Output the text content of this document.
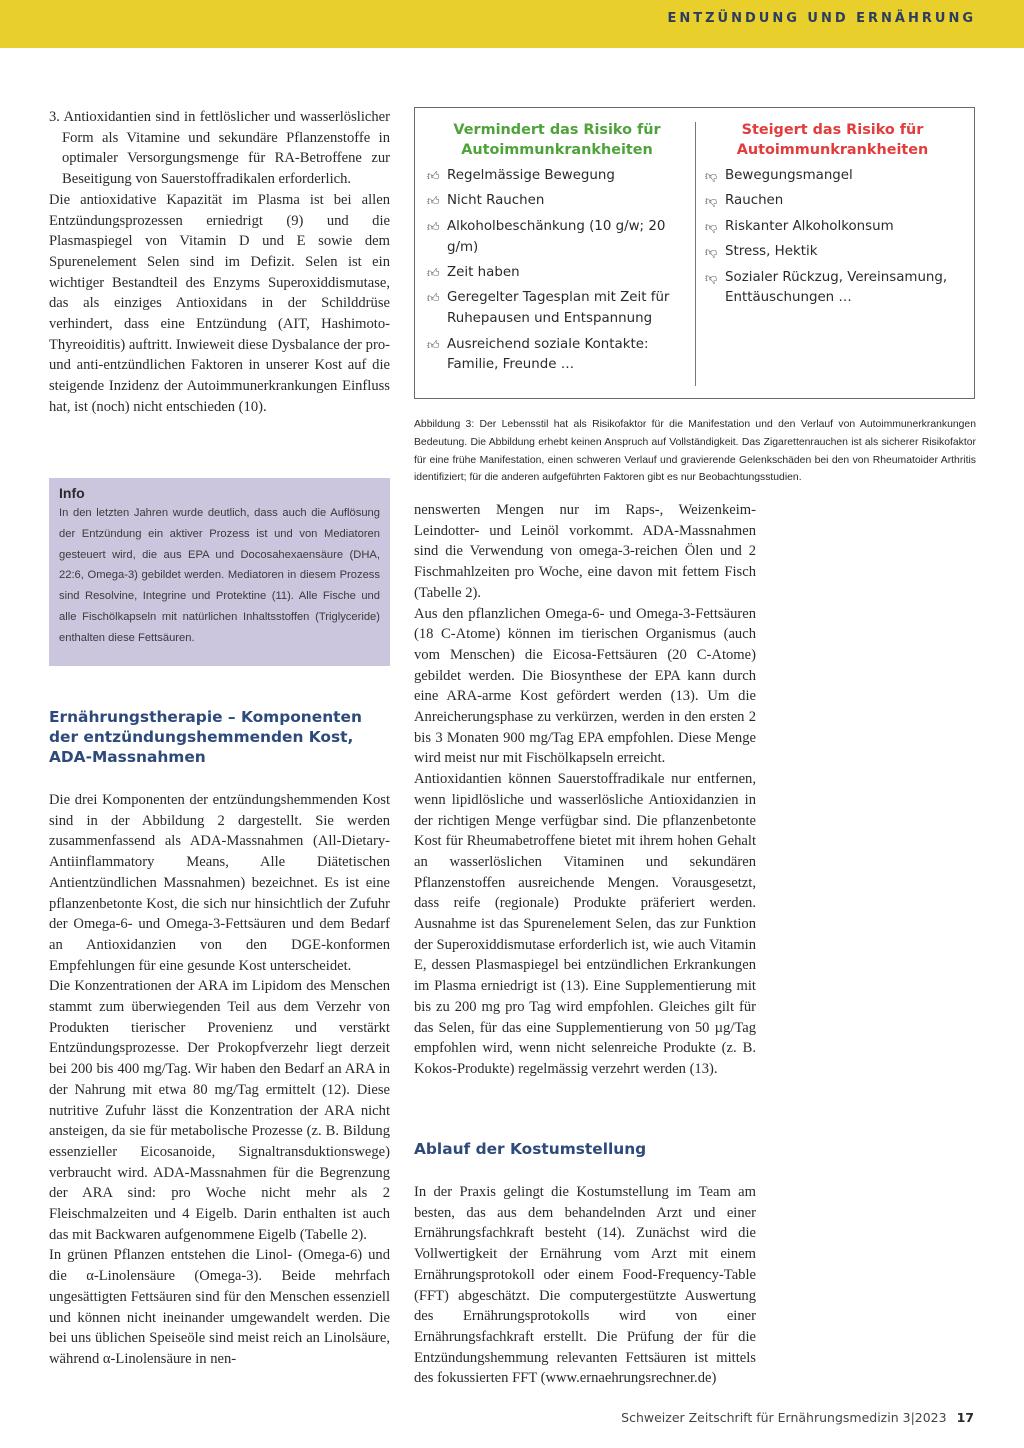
ENTZÜNDUNG UND ERNÄHRUNG

3. Antioxidantien sind in fettlöslicher und wasserlöslicher Form als Vitamine und sekundäre Pflanzenstoffe in optimaler Versorgungsmenge für RA-Betroffene zur Beseitigung von Sauerstoffradikalen erforderlich.

Die antioxidative Kapazität im Plasma ist bei allen Entzündungsprozessen erniedrigt (9) und die Plasmaspiegel von Vitamin D und E sowie dem Spurenelement Selen sind im Defizit. Selen ist ein wichtiger Bestandteil des Enzyms Superoxiddismutase, das als einziges Antioxidans in der Schilddrüse verhindert, dass eine Entzündung (AIT, Hashimoto-Thyreoiditis) auftritt. Inwieweit diese Dysbalance der pro- und anti-entzündlichen Faktoren in unserer Kost auf die steigende Inzidenz der Autoimmunerkrankungen Einfluss hat, ist (noch) nicht entschieden (10).

Info

In den letzten Jahren wurde deutlich, dass auch die Auflösung der Entzündung ein aktiver Prozess ist und von Mediatoren gesteuert wird, die aus EPA und Docosahexaensäure (DHA, 22:6, Omega-3) gebildet werden. Mediatoren in diesem Prozess sind Resolvine, Integrine und Protektine (11). Alle Fische und alle Fischölkapseln mit natürlichen Inhaltsstoffen (Triglyceride) enthalten diese Fettsäuren.

Ernährungstherapie – Komponenten der entzündungshemmenden Kost, ADA-Massnahmen

Die drei Komponenten der entzündungshemmenden Kost sind in der Abbildung 2 dargestellt. Sie werden zusammenfassend als ADA-Massnahmen (All-Dietary-Antiinflammatory Means, Alle Diätetischen Antientzündlichen Massnahmen) bezeichnet. Es ist eine pflanzenbetonte Kost, die sich nur hinsichtlich der Zufuhr der Omega-6- und Omega-3-Fettsäuren und dem Bedarf an Antioxidanzien von den DGE-konformen Empfehlungen für eine gesunde Kost unterscheidet.

Die Konzentrationen der ARA im Lipidom des Menschen stammt zum überwiegenden Teil aus dem Verzehr von Produkten tierischer Provenienz und verstärkt Entzündungsprozesse. Der Prokopfverzehr liegt derzeit bei 200 bis 400 mg/Tag. Wir haben den Bedarf an ARA in der Nahrung mit etwa 80 mg/Tag ermittelt (12). Diese nutritive Zufuhr lässt die Konzentration der ARA nicht ansteigen, da sie für metabolische Prozesse (z. B. Bildung essenzieller Eicosanoide, Signaltransduktionswege) verbraucht wird. ADA-Massnahmen für die Begrenzung der ARA sind: pro Woche nicht mehr als 2 Fleischmalzeiten und 4 Eigelb. Darin enthalten ist auch das mit Backwaren aufgenommene Eigelb (Tabelle 2).

In grünen Pflanzen entstehen die Linol- (Omega-6) und die α-Linolensäure (Omega-3). Beide mehrfach ungesättigten Fettsäuren sind für den Menschen essenziell und können nicht ineinander umgewandelt werden. Die bei uns üblichen Speiseöle sind meist reich an Linolsäure, während α-Linolensäure in nen-

Vermindert das Risiko für Autoimmunkrankheiten
👍︎ Regelmässige Bewegung
👍︎ Nicht Rauchen
👍︎ Alkoholbeschänkung (10 g/w; 20 g/m)
👍︎ Zeit haben
👍︎ Geregelter Tagesplan mit Zeit für Ruhepausen und Entspannung
👍︎ Ausreichend soziale Kontakte: Familie, Freunde …
Steigert das Risiko für Autoimmunkrankheiten
👎︎ Bewegungsmangel
👎︎ Rauchen
👎︎ Riskanter Alkoholkonsum
👎︎ Stress, Hektik
👎︎ Sozialer Rückzug, Vereinsamung, Enttäuschungen …

Abbildung 3: Der Lebensstil hat als Risikofaktor für die Manifestation und den Verlauf von Autoimmunerkrankungen Bedeutung. Die Abbildung erhebt keinen Anspruch auf Vollständigkeit. Das Zigarettenrauchen ist als sicherer Risikofaktor für eine frühe Manifestation, einen schweren Verlauf und gravierende Gelenkschäden bei den von Rheumatoider Arthritis identifiziert; für die anderen aufgeführten Faktoren gibt es nur Beobachtungsstudien.

nenswerten Mengen nur im Raps-, Weizenkeim-Leindotter- und Leinöl vorkommt. ADA-Massnahmen sind die Verwendung von omega-3-reichen Ölen und 2 Fischmahlzeiten pro Woche, eine davon mit fettem Fisch (Tabelle 2).

Aus den pflanzlichen Omega-6- und Omega-3-Fettsäuren (18 C-Atome) können im tierischen Organismus (auch vom Menschen) die Eicosa-Fettsäuren (20 C-Atome) gebildet werden. Die Biosynthese der EPA kann durch eine ARA-arme Kost gefördert werden (13). Um die Anreicherungsphase zu verkürzen, werden in den ersten 2 bis 3 Monaten 900 mg/Tag EPA empfohlen. Diese Menge wird meist nur mit Fischölkapseln erreicht.

Antioxidantien können Sauerstoffradikale nur entfernen, wenn lipidlösliche und wasserlösliche Antioxidanzien in der richtigen Menge verfügbar sind. Die pflanzenbetonte Kost für Rheumabetroffene bietet mit ihrem hohen Gehalt an wasserlöslichen Vitaminen und sekundären Pflanzenstoffen ausreichende Mengen. Vorausgesetzt, dass reife (regionale) Produkte präferiert werden. Ausnahme ist das Spurenelement Selen, das zur Funktion der Superoxiddismutase erforderlich ist, wie auch Vitamin E, dessen Plasmaspiegel bei entzündlichen Erkrankungen im Plasma erniedrigt ist (13). Eine Supplementierung mit bis zu 200 mg pro Tag wird empfohlen. Gleiches gilt für das Selen, für das eine Supplementierung von 50 µg/Tag empfohlen wird, wenn nicht selenreiche Produkte (z. B. Kokos-Produkte) regelmässig verzehrt werden (13).

Ablauf der Kostumstellung

In der Praxis gelingt die Kostumstellung im Team am besten, das aus dem behandelnden Arzt und einer Ernährungsfachkraft besteht (14). Zunächst wird die Vollwertigkeit der Ernährung vom Arzt mit einem Ernährungsprotokoll oder einem Food-Frequency-Table (FFT) abgeschätzt. Die computergestützte Auswertung des Ernährungsprotokolls wird von einer Ernährungsfachkraft erstellt. Die Prüfung der für die Entzündungshemmung relevanten Fettsäuren ist mittels des fokussierten FFT (www.ernaehrungsrechner.de)

Schweizer Zeitschrift für Ernährungsmedizin 3|2023 17
